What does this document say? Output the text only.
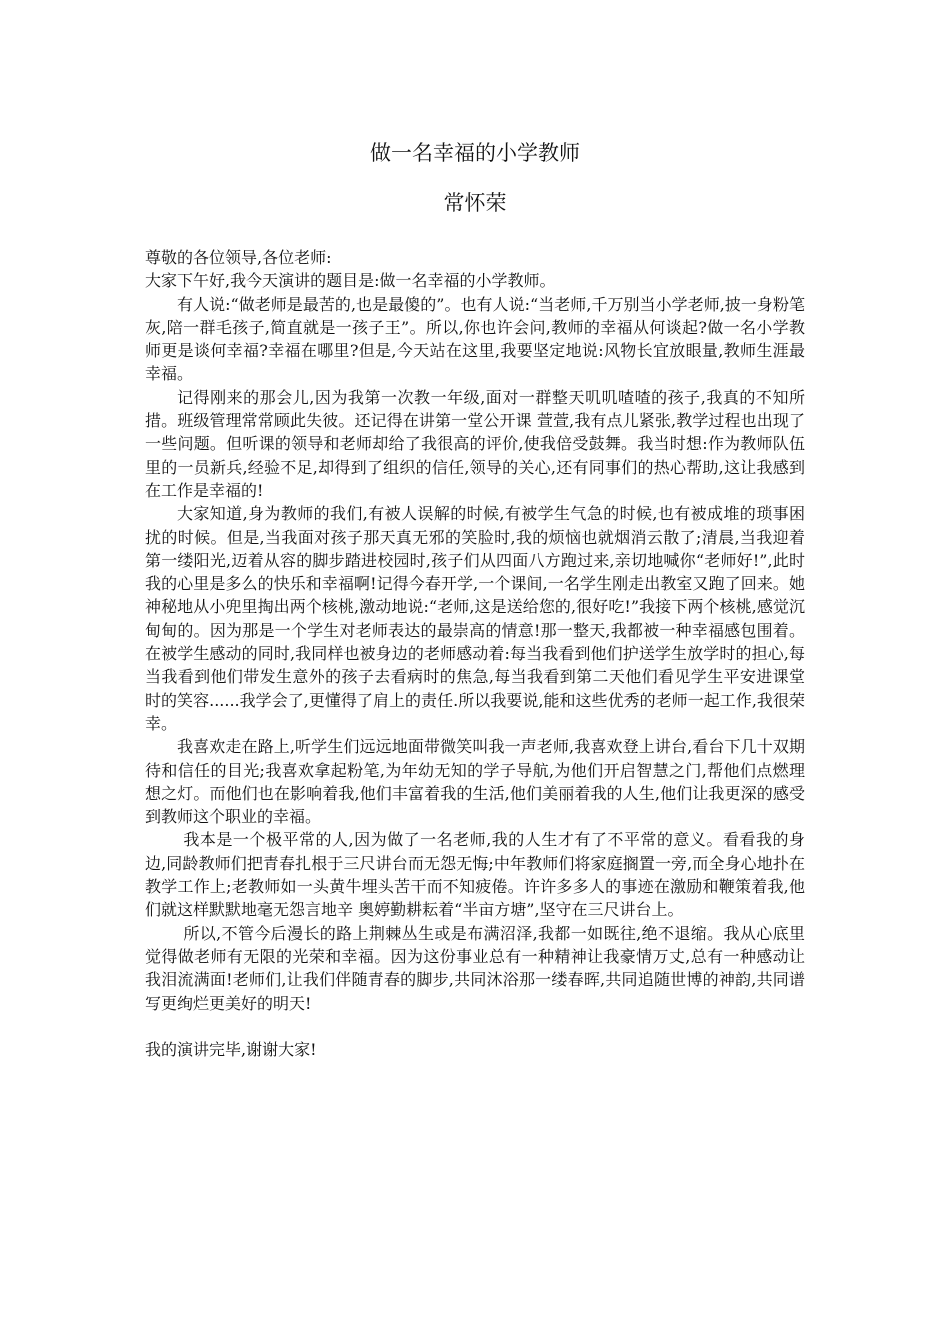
做一名幸福的小学教师
常怀荣

尊敬的各位领导,各位老师:

大家下午好,我今天演讲的题目是:做一名幸福的小学教师。

有人说:“做老师是最苦的,也是最傻的”。也有人说:“当老师,千万别当小学老师,披一身粉笔灰,陪一群毛孩子,简直就是一孩子王”。所以,你也许会问,教师的幸福从何谈起?做一名小学教师更是谈何幸福?幸福在哪里?但是,今天站在这里,我要坚定地说:风物长宜放眼量,教师生涯最幸福。

记得刚来的那会儿,因为我第一次教一年级,面对一群整天叽叽喳喳的孩子,我真的不知所措。班级管理常常顾此失彼。还记得在讲第一堂公开课 萱萱,我有点儿紧张,教学过程也出现了一些问题。但听课的领导和老师却给了我很高的评价,使我倍受鼓舞。我当时想:作为教师队伍里的一员新兵,经验不足,却得到了组织的信任,领导的关心,还有同事们的热心帮助,这让我感到在工作是幸福的!

大家知道,身为教师的我们,有被人误解的时候,有被学生气急的时候,也有被成堆的琐事困扰的时候。但是,当我面对孩子那天真无邪的笑脸时,我的烦恼也就烟消云散了;清晨,当我迎着第一缕阳光,迈着从容的脚步踏进校园时,孩子们从四面八方跑过来,亲切地喊你“老师好!”,此时我的心里是多么的快乐和幸福啊!记得今春开学,一个课间,一名学生刚走出教室又跑了回来。她神秘地从小兜里掏出两个核桃,激动地说:“老师,这是送给您的,很好吃!”我接下两个核桃,感觉沉甸甸的。因为那是一个学生对老师表达的最崇高的情意!那一整天,我都被一种幸福感包围着。在被学生感动的同时,我同样也被身边的老师感动着:每当我看到他们护送学生放学时的担心,每当我看到他们带发生意外的孩子去看病时的焦急,每当我看到第二天他们看见学生平安进课堂时的笑容......我学会了,更懂得了肩上的责任.所以我要说,能和这些优秀的老师一起工作,我很荣幸。

我喜欢走在路上,听学生们远远地面带微笑叫我一声老师,我喜欢登上讲台,看台下几十双期待和信任的目光;我喜欢拿起粉笔,为年幼无知的学子导航,为他们开启智慧之门,帮他们点燃理想之灯。而他们也在影响着我,他们丰富着我的生活,他们美丽着我的人生,他们让我更深的感受到教师这个职业的幸福。

我本是一个极平常的人,因为做了一名老师,我的人生才有了不平常的意义。看看我的身边,同龄教师们把青春扎根于三尺讲台而无怨无悔;中年教师们将家庭搁置一旁,而全身心地扑在教学工作上;老教师如一头黄牛埋头苦干而不知疲倦。许许多多人的事迹在激励和鞭策着我,他们就这样默默地毫无怨言地辛 奥婷勤耕耘着“半亩方塘”,坚守在三尺讲台上。

所以,不管今后漫长的路上荆棘丛生或是布满沼泽,我都一如既往,绝不退缩。我从心底里觉得做老师有无限的光荣和幸福。因为这份事业总有一种精神让我豪情万丈,总有一种感动让我泪流满面!老师们,让我们伴随青春的脚步,共同沐浴那一缕春晖,共同追随世博的神韵,共同谱写更绚烂更美好的明天!

我的演讲完毕,谢谢大家!
